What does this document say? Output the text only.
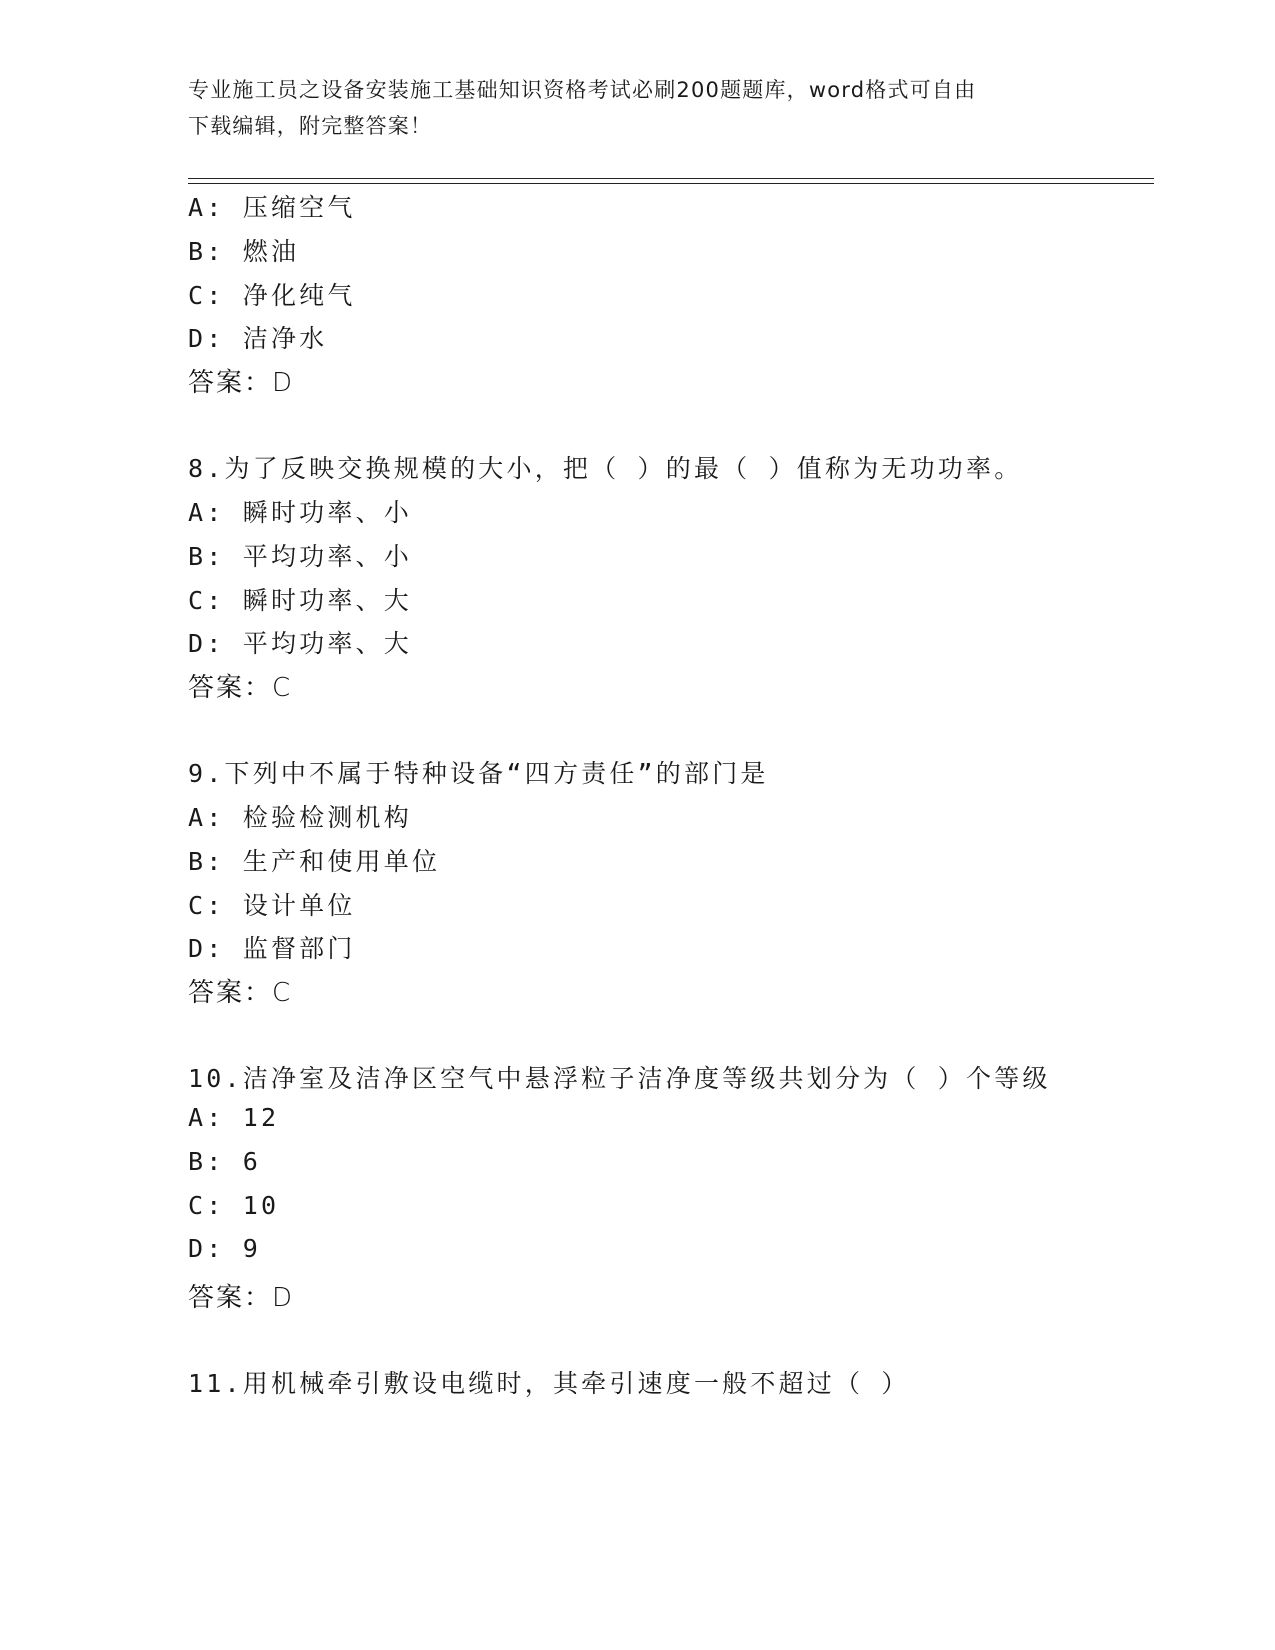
专业施工员之设备安装施工基础知识资格考试必刷200题题库，word格式可自由
下载编辑，附完整答案！
A: 压缩空气
B: 燃油
C: 净化纯气
D: 洁净水
答案：D
8.为了反映交换规模的大小，把（ ）的最（ ）值称为无功功率。
A: 瞬时功率、小
B: 平均功率、小
C: 瞬时功率、大
D: 平均功率、大
答案：C
9.下列中不属于特种设备“四方责任”的部门是
A: 检验检测机构
B: 生产和使用单位
C: 设计单位
D: 监督部门
答案：C
10.洁净室及洁净区空气中悬浮粒子洁净度等级共划分为（ ）个等级
A: 12
B: 6
C: 10
D: 9
答案：D
11.用机械牵引敷设电缆时，其牵引速度一般不超过（ ）
